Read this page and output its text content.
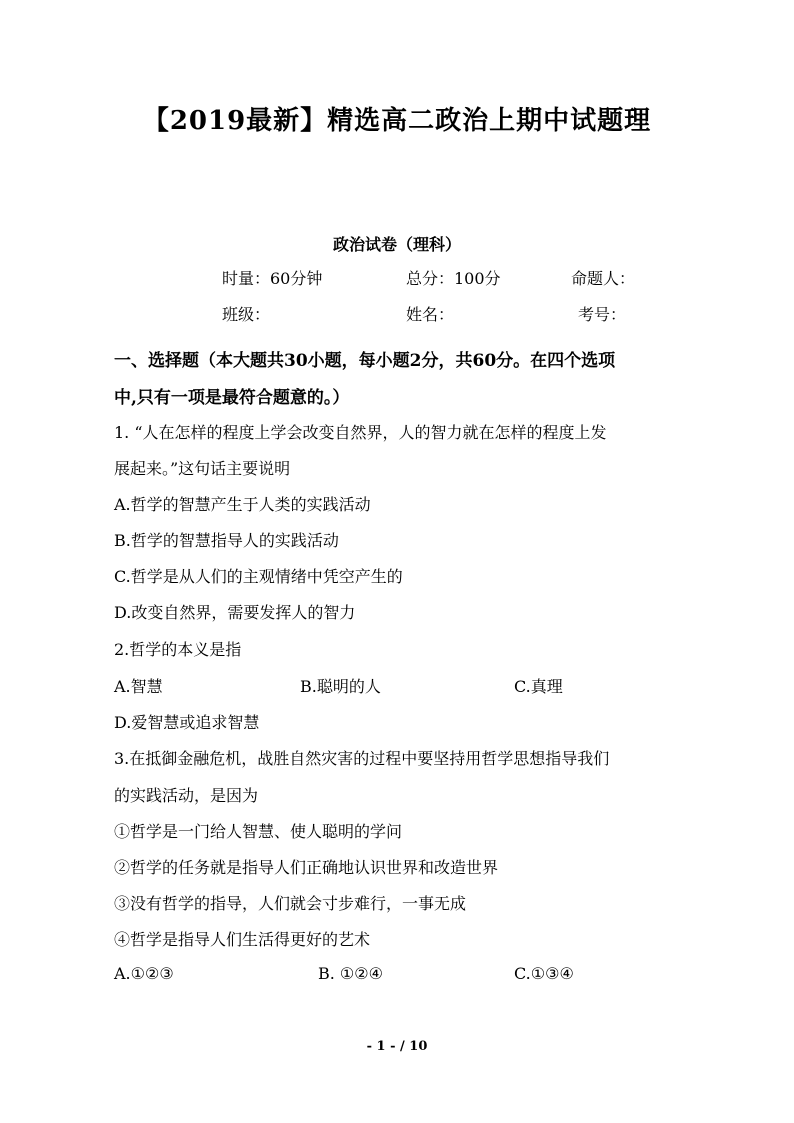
【2019最新】精选高二政治上期中试题理
政治试卷（理科）
时量：60分钟	总分：100分	命题人：
班级：	姓名：	考号：
一、选择题（本大题共30小题，每小题2分，共60分。在四个选项
中,只有一项是最符合题意的。）
1. “人在怎样的程度上学会改变自然界，人的智力就在怎样的程度上发
展起来。”这句话主要说明
A.哲学的智慧产生于人类的实践活动
B.哲学的智慧指导人的实践活动
C.哲学是从人们的主观情绪中凭空产生的
D.改变自然界，需要发挥人的智力
2.哲学的本义是指
A.智慧	B.聪明的人	C.真理
D.爱智慧或追求智慧
3.在抵御金融危机，战胜自然灾害的过程中要坚持用哲学思想指导我们
的实践活动，是因为
①哲学是一门给人智慧、使人聪明的学问
②哲学的任务就是指导人们正确地认识世界和改造世界
③没有哲学的指导，人们就会寸步难行，一事无成
④哲学是指导人们生活得更好的艺术
A.①②③	B. ①②④	C.①③④
- 1 - / 10
